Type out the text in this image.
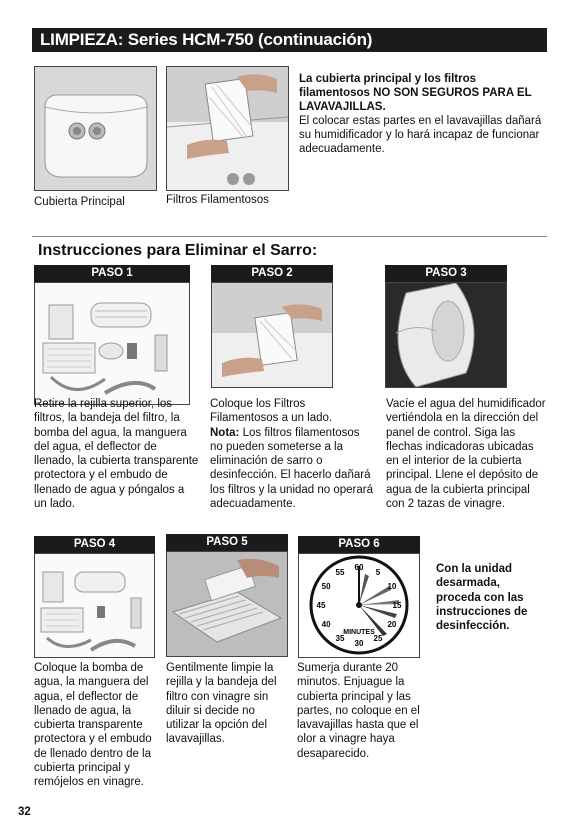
LIMPIEZA: Series HCM-750 (continuación)
Cubierta Principal	Filtros Filamentosos
La cubierta principal y los filtros filamentosos NO SON SEGUROS PARA EL LAVAVAJILLAS.
El colocar estas partes en el lavavajillas dañará su humidificador y lo hará incapaz de funcionar adecuadamente.
Instrucciones para Eliminar el Sarro:
PASO 1
Retire la rejilla superior, los filtros, la bandeja del filtro, la bomba del agua, la manguera del agua, el deflector de llenado, la cubierta transparente protectora y el embudo de llenado de agua y póngalos a un lado.
PASO 2
Coloque los Filtros Filamentosos a un lado.
Nota: Los filtros filamentosos no pueden someterse a la eliminación de sarro o desinfección. El hacerlo dañará los filtros y la unidad no operará adecuadamente.
PASO 3
Vacíe el agua del humidificador vertiéndola en la dirección del panel de control. Siga las flechas indicadoras ubicadas en el interior de la cubierta principal. Llene el depósito de agua de la cubierta principal con 2 tazas de vinagre.
PASO 4
Coloque la bomba de agua, la manguera del agua, el deflector de llenado de agua, la cubierta transparente protectora y el embudo de llenado dentro de la cubierta principal y remójelos en vinagre.
PASO 5
Gentilmente limpie la rejilla y la bandeja del filtro con vinagre sin diluir si decide no utilizar la opción del lavavajillas.
PASO 6
60
5
10
15
20
25
30
35
40
45
50
55
MINUTES
Sumerja durante 20 minutos. Enjuague la cubierta principal y las partes, no coloque en el lavavajillas hasta que el olor a vinagre haya desaparecido.
Con la unidad desarmada, proceda con las instrucciones de desinfección.
32
